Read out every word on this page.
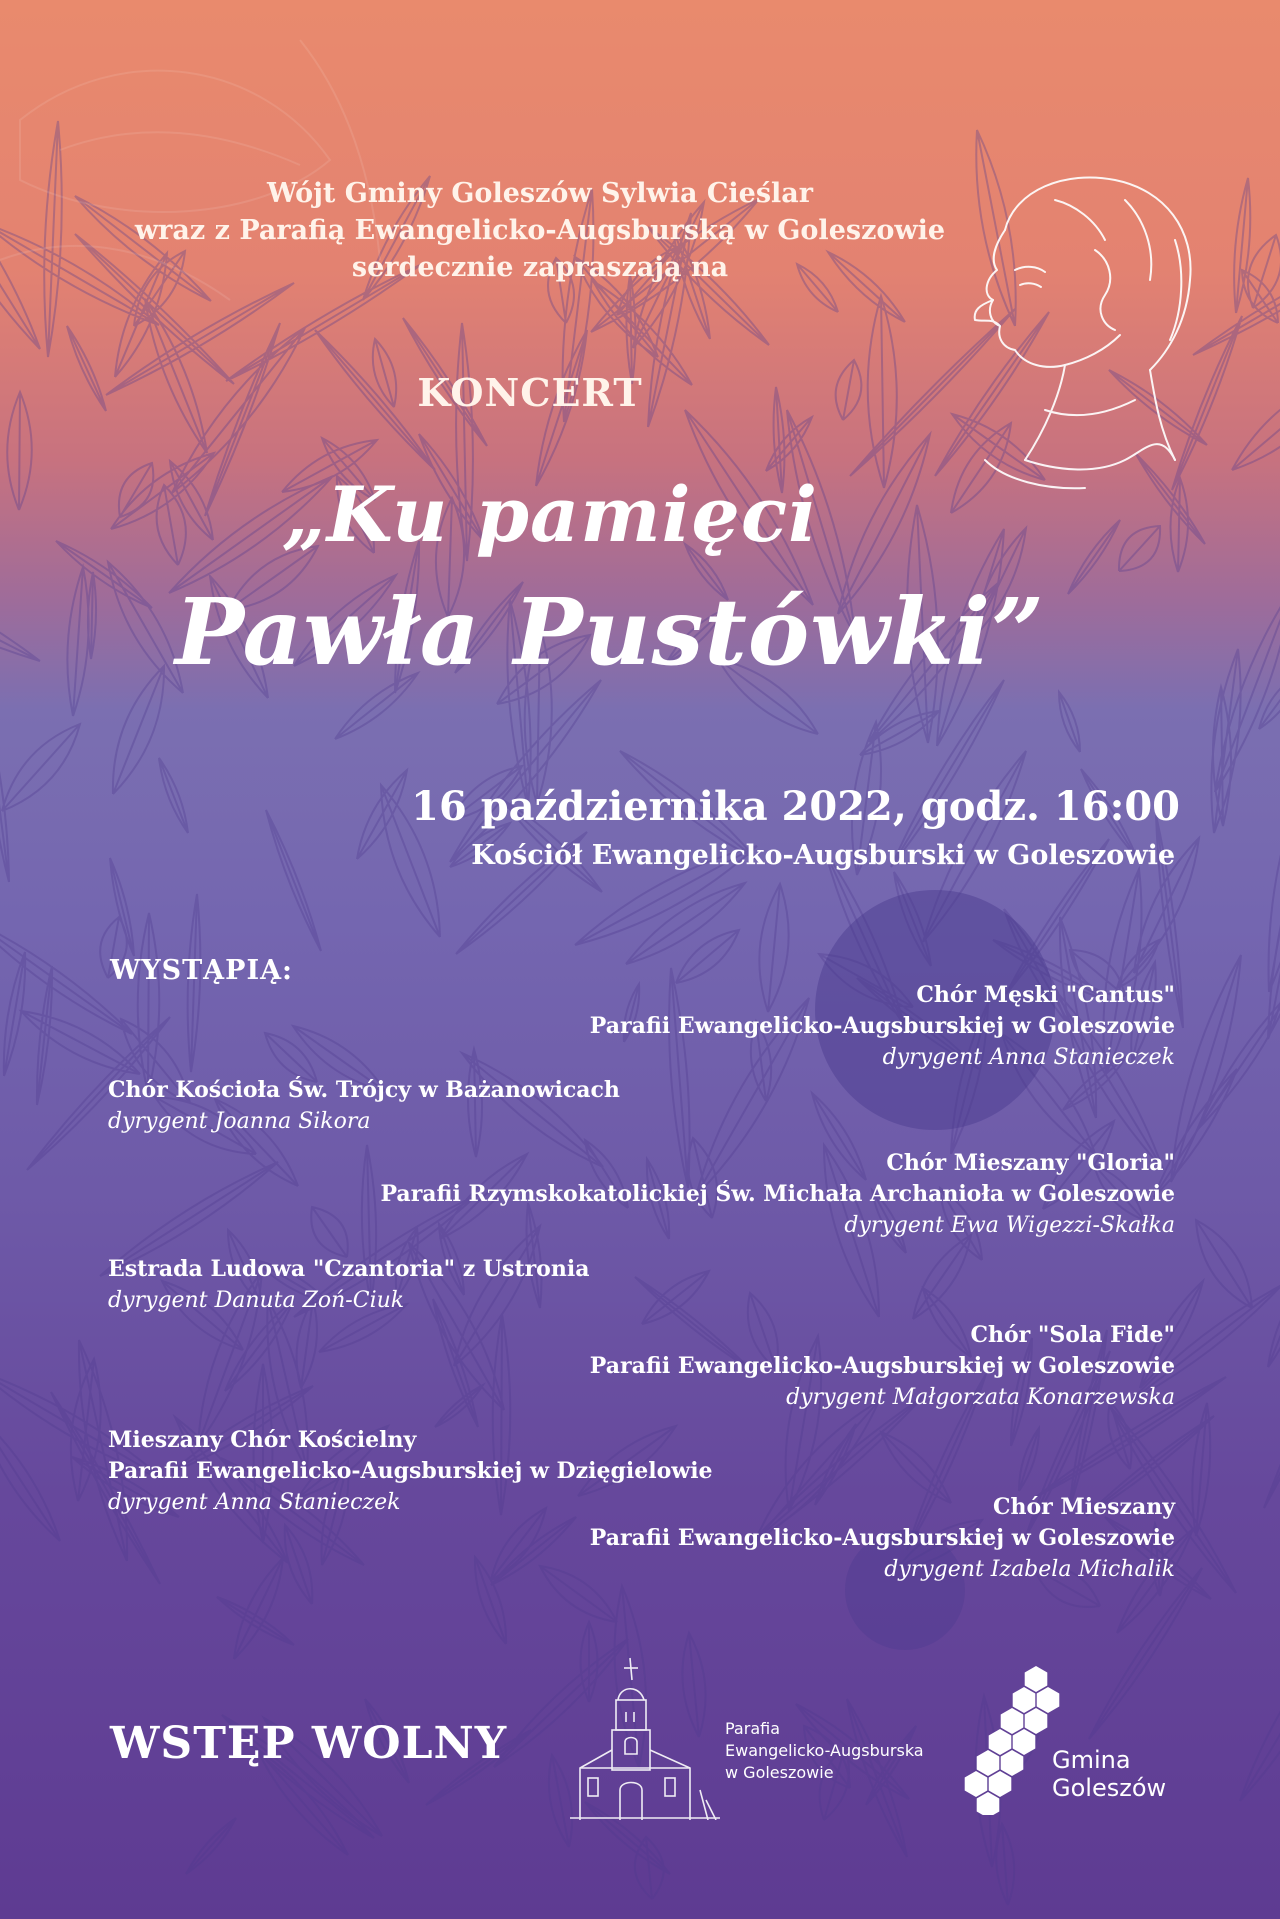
Wójt Gminy Goleszów Sylwia Cieślar
wraz z Parafią Ewangelicko-Augsburską w Goleszowie
serdecznie zapraszają na
KONCERT
„Ku pamięci
Pawła Pustówki”
16 października 2022, godz. 16:00
Kościół Ewangelicko-Augsburski w Goleszowie
WYSTĄPIĄ:
Chór Męski "Cantus"
Parafii Ewangelicko-Augsburskiej w Goleszowie
dyrygent Anna Stanieczek
Chór Kościoła Św. Trójcy w Bażanowicach
dyrygent Joanna Sikora
Chór Mieszany "Gloria"
Parafii Rzymskokatolickiej Św. Michała Archanioła w Goleszowie
dyrygent Ewa Wigezzi-Skałka
Estrada Ludowa "Czantoria" z Ustronia
dyrygent Danuta Zoń-Ciuk
Chór "Sola Fide"
Parafii Ewangelicko-Augsburskiej w Goleszowie
dyrygent Małgorzata Konarzewska
Mieszany Chór Kościelny
Parafii Ewangelicko-Augsburskiej w Dzięgielowie
dyrygent Anna Stanieczek	Chór Mieszany
Parafii Ewangelicko-Augsburskiej w Goleszowie
dyrygent Izabela Michalik
WSTĘP WOLNY	Parafia
Ewangelicko-Augsburska
w Goleszowie	Gmina
Goleszów
